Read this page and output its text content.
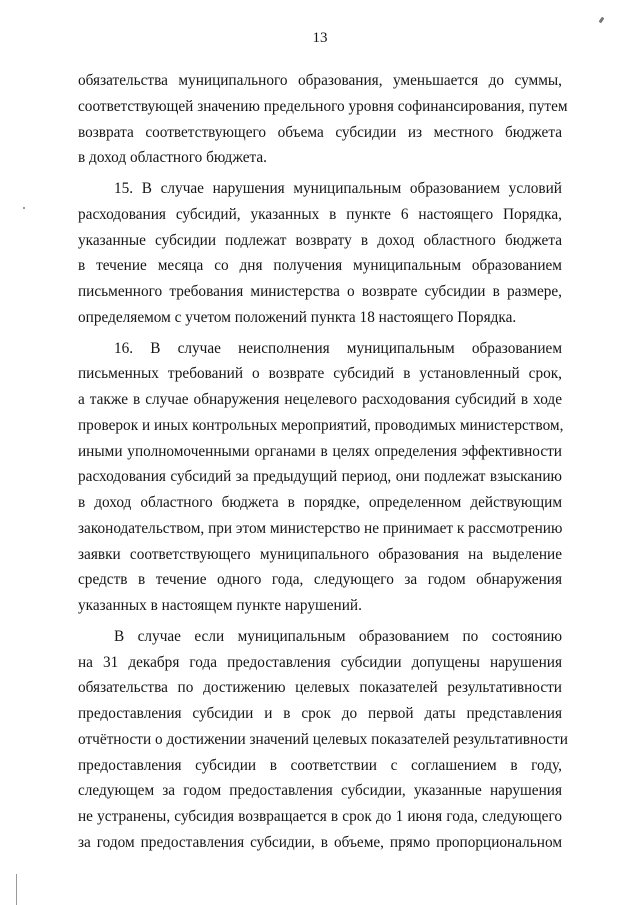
13
обязательства муниципального образования, уменьшается до суммы,
соответствующей значению предельного уровня софинансирования, путем
возврата соответствующего объема субсидии из местного бюджета
в доход областного бюджета.
15. В случае нарушения муниципальным образованием условий
расходования субсидий, указанных в пункте 6 настоящего Порядка,
указанные субсидии подлежат возврату в доход областного бюджета
в течение месяца со дня получения муниципальным образованием
письменного требования министерства о возврате субсидии в размере,
определяемом с учетом положений пункта 18 настоящего Порядка.
16. В случае неисполнения муниципальным образованием
письменных требований о возврате субсидий в установленный срок,
а также в случае обнаружения нецелевого расходования субсидий в ходе
проверок и иных контрольных мероприятий, проводимых министерством,
иными уполномоченными органами в целях определения эффективности
расходования субсидий за предыдущий период, они подлежат взысканию
в доход областного бюджета в порядке, определенном действующим
законодательством, при этом министерство не принимает к рассмотрению
заявки соответствующего муниципального образования на выделение
средств в течение одного года, следующего за годом обнаружения
указанных в настоящем пункте нарушений.
В случае если муниципальным образованием по состоянию
на 31 декабря года предоставления субсидии допущены нарушения
обязательства по достижению целевых показателей результативности
предоставления субсидии и в срок до первой даты представления
отчётности о достижении значений целевых показателей результативности
предоставления субсидии в соответствии с соглашением в году,
следующем за годом предоставления субсидии, указанные нарушения
не устранены, субсидия возвращается в срок до 1 июня года, следующего
за годом предоставления субсидии, в объеме, прямо пропорциональном
